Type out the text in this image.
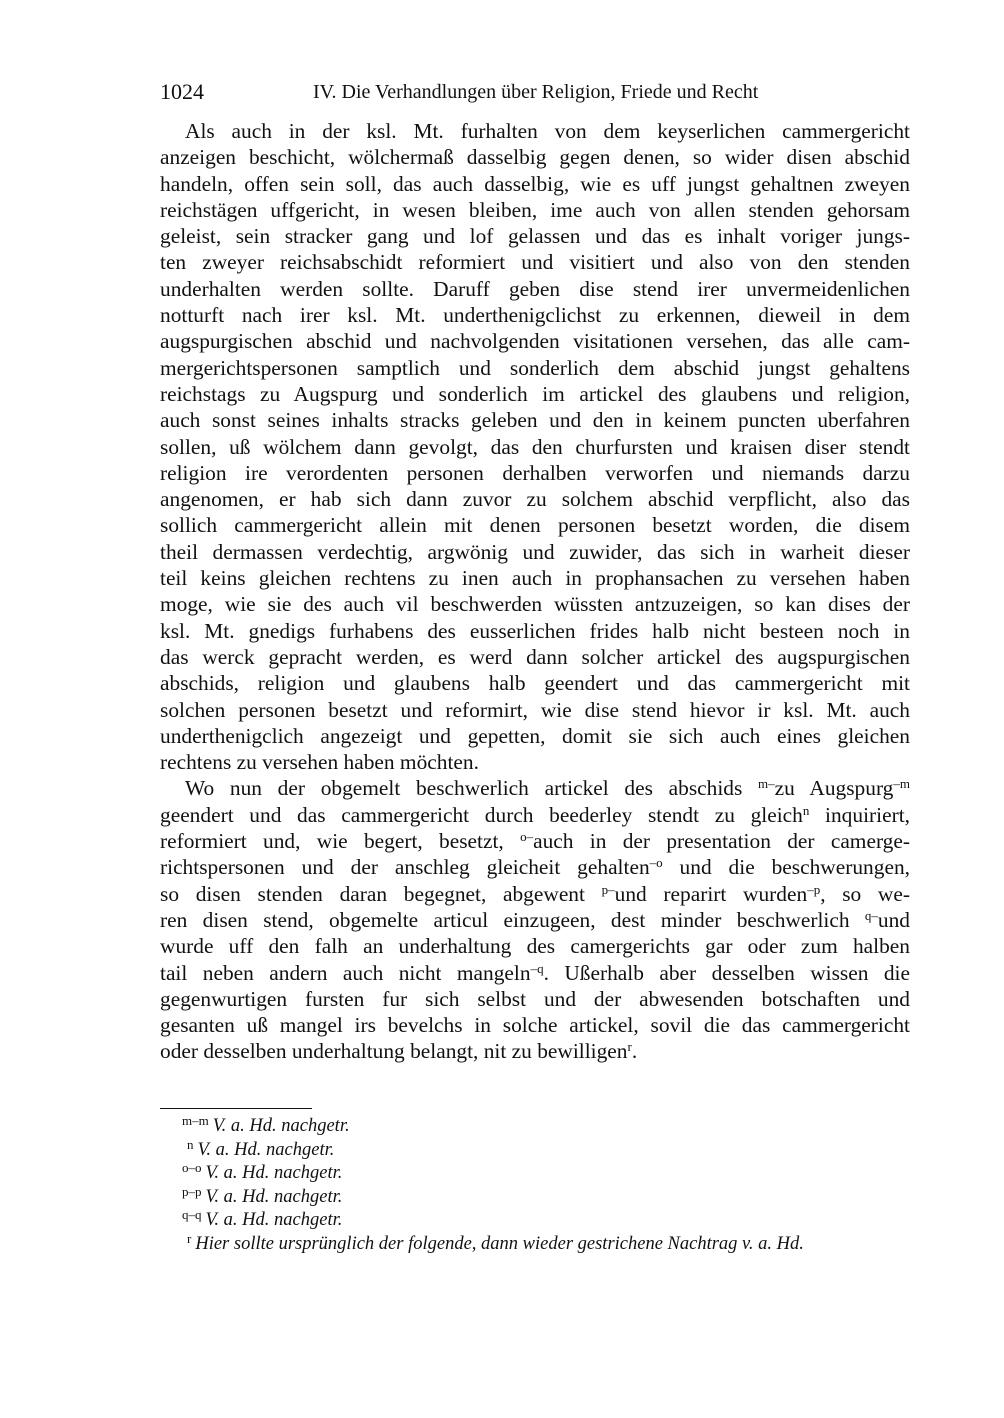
1024	IV. Die Verhandlungen über Religion, Friede und Recht
Als auch in der ksl. Mt. furhalten von dem keyserlichen cammergericht
anzeigen beschicht, wölchermaß dasselbig gegen denen, so wider disen abschid
handeln, offen sein soll, das auch dasselbig, wie es uff jungst gehaltnen zweyen
reichstägen uffgericht, in wesen bleiben, ime auch von allen stenden gehorsam
geleist, sein stracker gang und lof gelassen und das es inhalt voriger jungs-
ten zweyer reichsabschidt reformiert und visitiert und also von den stenden
underhalten werden sollte. Daruff geben dise stend irer unvermeidenlichen
notturft nach irer ksl. Mt. underthenigclichst zu erkennen, dieweil in dem
augspurgischen abschid und nachvolgenden visitationen versehen, das alle cam-
mergerichtspersonen samptlich und sonderlich dem abschid jungst gehaltens
reichstags zu Augspurg und sonderlich im artickel des glaubens und religion,
auch sonst seines inhalts stracks geleben und den in keinem puncten uberfahren
sollen, uß wölchem dann gevolgt, das den churfursten und kraisen diser stendt
religion ire verordenten personen derhalben verworfen und niemands darzu
angenomen, er hab sich dann zuvor zu solchem abschid verpflicht, also das
sollich cammergericht allein mit denen personen besetzt worden, die disem
theil dermassen verdechtig, argwönig und zuwider, das sich in warheit dieser
teil keins gleichen rechtens zu inen auch in prophansachen zu versehen haben
moge, wie sie des auch vil beschwerden wüssten antzuzeigen, so kan dises der
ksl. Mt. gnedigs furhabens des eusserlichen frides halb nicht besteen noch in
das werck gepracht werden, es werd dann solcher artickel des augspurgischen
abschids, religion und glaubens halb geendert und das cammergericht mit
solchen personen besetzt und reformirt, wie dise stend hievor ir ksl. Mt. auch
underthenigclich angezeigt und gepetten, domit sie sich auch eines gleichen
rechtens zu versehen haben möchten.
Wo nun der obgemelt beschwerlich artickel des abschids $^{m-}$zu Augspurg$^{-m}$
geendert und das cammergericht durch beederley stendt zu gleich$^n$ inquiriert,
reformiert und, wie begert, besetzt, $^{o-}$auch in der presentation der camerge-
richtspersonen und der anschleg gleicheit gehalten$^{-o}$ und die beschwerungen,
so disen stenden daran begegnet, abgewent $^{p-}$und reparirt wurden$^{-p}$, so we-
ren disen stend, obgemelte articul einzugeen, dest minder beschwerlich $^{q-}$und
wurde uff den falh an underhaltung des camergerichts gar oder zum halben
tail neben andern auch nicht mangeln$^{-q}$. Ußerhalb aber desselben wissen die
gegenwurtigen fursten fur sich selbst und der abwesenden botschaften und
gesanten uß mangel irs bevelchs in solche artickel, sovil die das cammergericht
oder desselben underhaltung belangt, nit zu bewilligen$^r$.
$^{m-m}$ V. a. Hd. nachgetr.
$^n$ V. a. Hd. nachgetr.
$^{o-o}$ V. a. Hd. nachgetr.
$^{p-p}$ V. a. Hd. nachgetr.
$^{q-q}$ V. a. Hd. nachgetr.
$^r$ Hier sollte ursprünglich der folgende, dann wieder gestrichene Nachtrag v. a. Hd.
